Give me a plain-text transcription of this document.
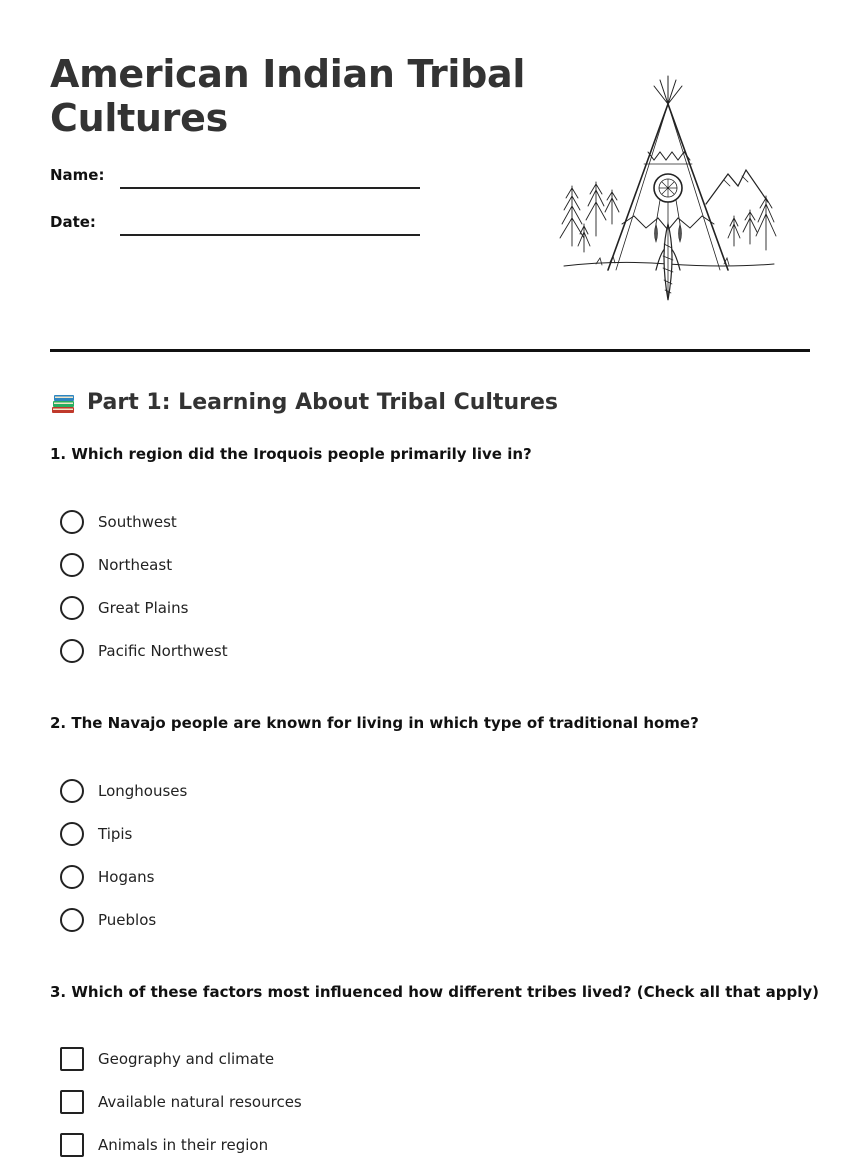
American Indian Tribal Cultures
Name:
Date:
Part 1: Learning About Tribal Cultures
1. Which region did the Iroquois people primarily live in?
Southwest
Northeast
Great Plains
Pacific Northwest
2. The Navajo people are known for living in which type of traditional home?
Longhouses
Tipis
Hogans
Pueblos
3. Which of these factors most influenced how different tribes lived? (Check all that apply)
Geography and climate
Available natural resources
Animals in their region
